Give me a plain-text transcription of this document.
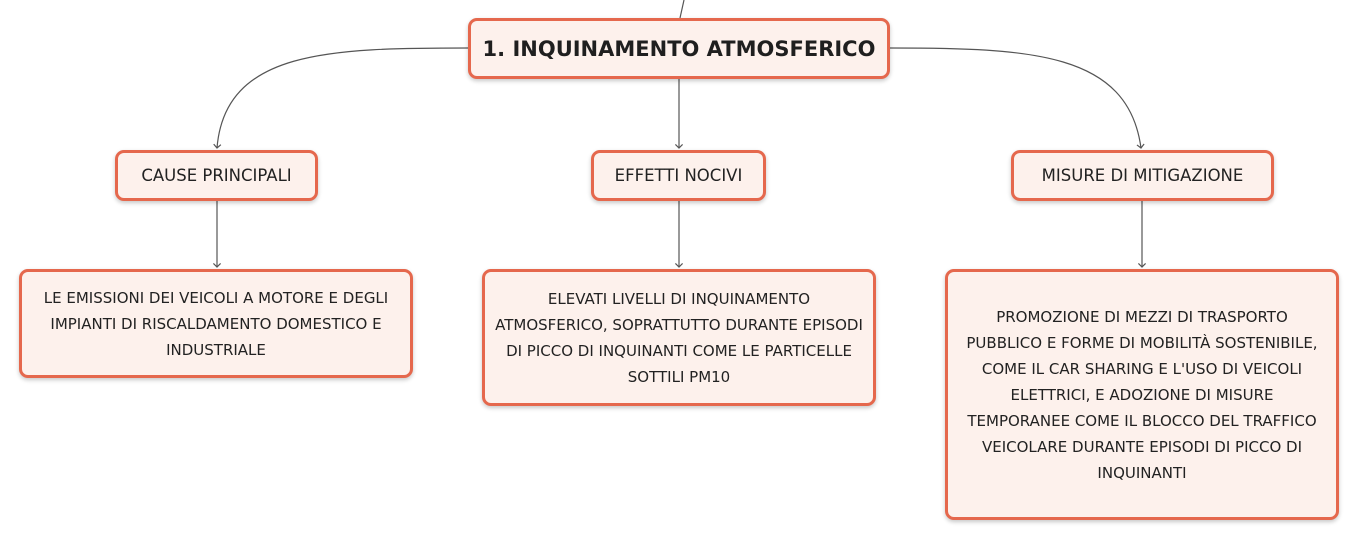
1. INQUINAMENTO ATMOSFERICO
CAUSE PRINCIPALI	EFFETTI NOCIVI	MISURE DI MITIGAZIONE
LE EMISSIONI DEI VEICOLI A MOTORE E DEGLI IMPIANTI DI RISCALDAMENTO DOMESTICO E INDUSTRIALE
ELEVATI LIVELLI DI INQUINAMENTO ATMOSFERICO, SOPRATTUTTO DURANTE EPISODI DI PICCO DI INQUINANTI COME LE PARTICELLE SOTTILI PM10
PROMOZIONE DI MEZZI DI TRASPORTO PUBBLICO E FORME DI MOBILITÀ SOSTENIBILE, COME IL CAR SHARING E L'USO DI VEICOLI ELETTRICI, E ADOZIONE DI MISURE TEMPORANEE COME IL BLOCCO DEL TRAFFICO VEICOLARE DURANTE EPISODI DI PICCO DI INQUINANTI
